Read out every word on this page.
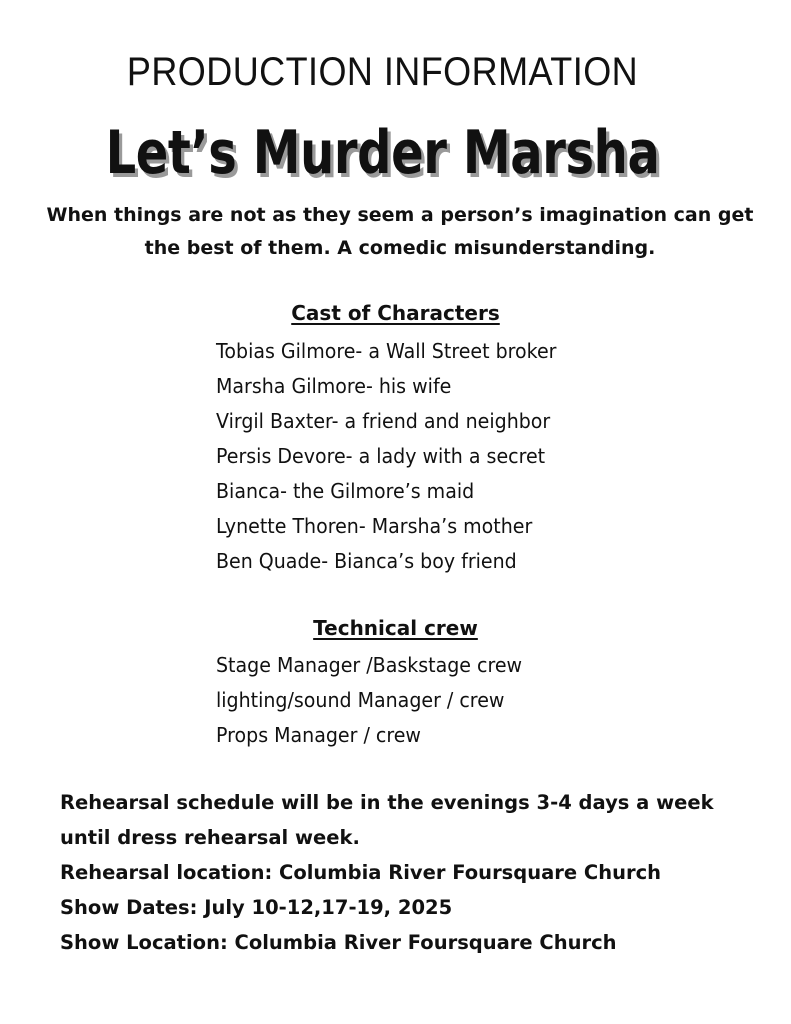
PRODUCTION INFORMATION
Let’s Murder Marsha
When things are not as they seem a person’s imagination can get the best of them. A comedic misunderstanding.
Cast of Characters
Tobias Gilmore- a Wall Street broker
Marsha Gilmore- his wife
Virgil Baxter- a friend and neighbor
Persis Devore- a lady with a secret
Bianca- the Gilmore’s maid
Lynette Thoren- Marsha’s mother
Ben Quade- Bianca’s boy friend
Technical crew
Stage Manager /Baskstage crew
lighting/sound Manager / crew
Props Manager / crew
Rehearsal schedule will be in the evenings 3-4 days a week until dress rehearsal week.
Rehearsal location: Columbia River Foursquare Church
Show Dates: July 10-12,17-19, 2025
Show Location: Columbia River Foursquare Church
